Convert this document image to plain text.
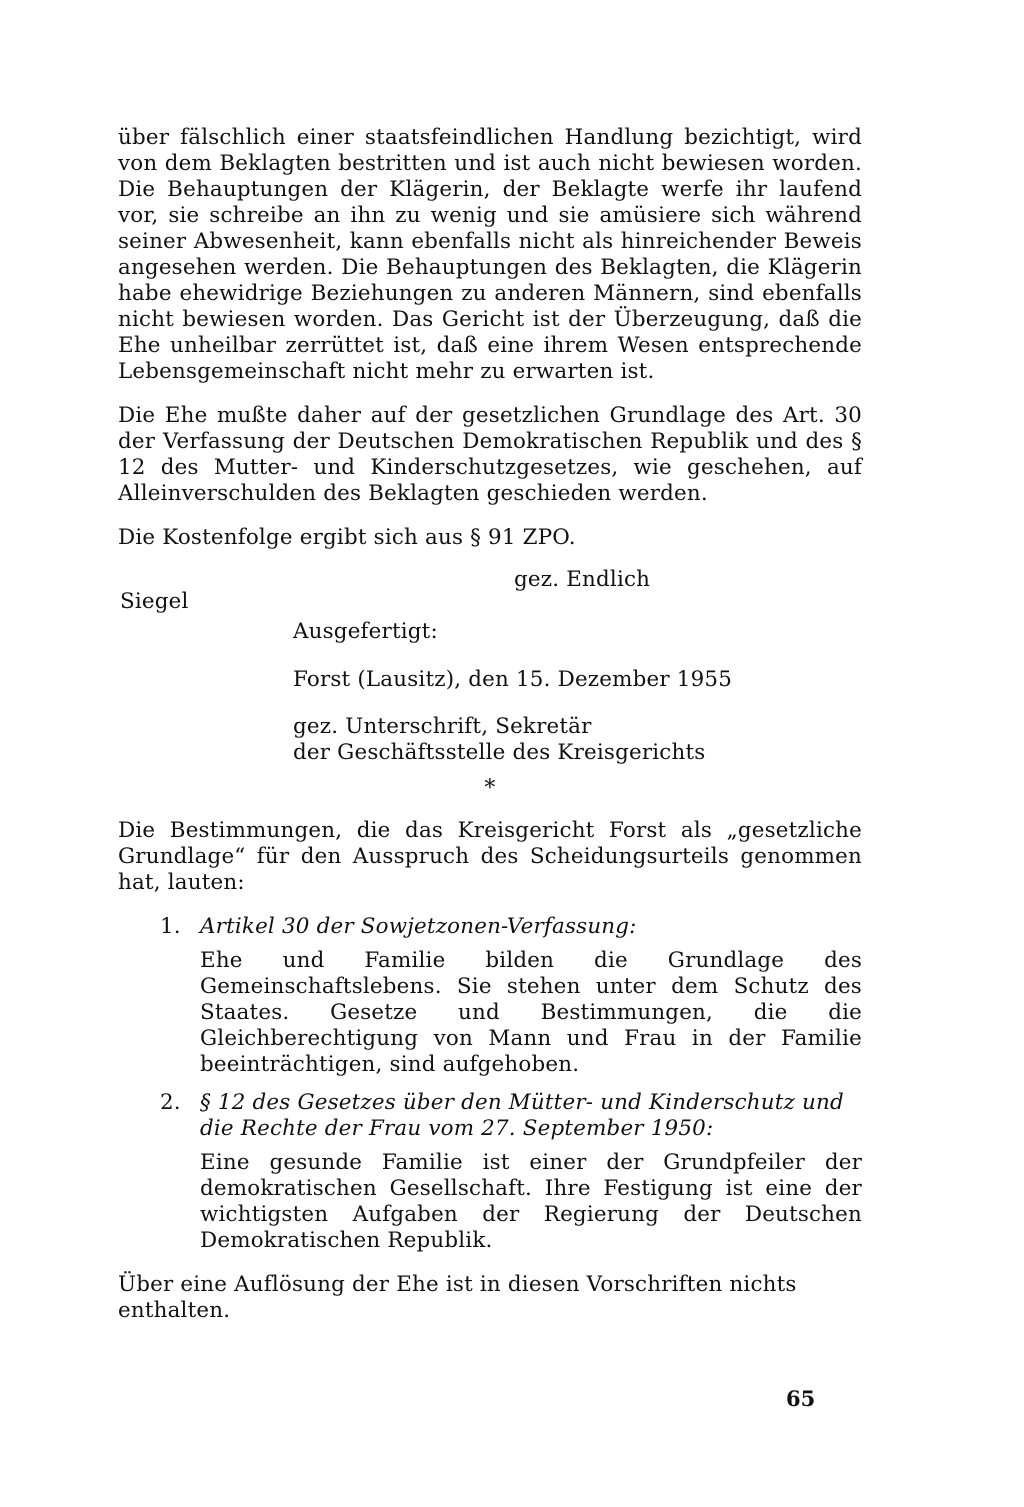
über fälschlich einer staatsfeindlichen Handlung bezichtigt, wird von dem Beklagten bestritten und ist auch nicht bewiesen worden. Die Behauptungen der Klägerin, der Beklagte werfe ihr laufend vor, sie schreibe an ihn zu wenig und sie amüsiere sich während seiner Abwesenheit, kann ebenfalls nicht als hinreichender Beweis angesehen werden. Die Behauptungen des Beklagten, die Klägerin habe ehewidrige Beziehungen zu anderen Männern, sind ebenfalls nicht bewiesen worden. Das Gericht ist der Überzeugung, daß die Ehe unheilbar zerrüttet ist, daß eine ihrem Wesen entsprechende Lebensgemeinschaft nicht mehr zu erwarten ist.

Die Ehe mußte daher auf der gesetzlichen Grundlage des Art. 30 der Verfassung der Deutschen Demokratischen Republik und des § 12 des Mutter- und Kinderschutzgesetzes, wie geschehen, auf Alleinverschulden des Beklagten geschieden werden.

Die Kostenfolge ergibt sich aus § 91 ZPO.

gez. Endlich
Siegel
Ausgefertigt:
Forst (Lausitz), den 15. Dezember 1955
gez. Unterschrift, Sekretär
der Geschäftsstelle des Kreisgerichts
*

Die Bestimmungen, die das Kreisgericht Forst als „gesetzliche Grundlage“ für den Ausspruch des Scheidungsurteils genommen hat, lauten:

1. Artikel 30 der Sowjetzonen-Verfassung:
Ehe und Familie bilden die Grundlage des Gemeinschaftslebens. Sie stehen unter dem Schutz des Staates. Gesetze und Bestimmungen, die die Gleichberechtigung von Mann und Frau in der Familie beeinträchtigen, sind aufgehoben.
2. § 12 des Gesetzes über den Mütter- und Kinderschutz und die Rechte der Frau vom 27. September 1950:
Eine gesunde Familie ist einer der Grundpfeiler der demokratischen Gesellschaft. Ihre Festigung ist eine der wichtigsten Aufgaben der Regierung der Deutschen Demokratischen Republik.

Über eine Auflösung der Ehe ist in diesen Vorschriften nichts enthalten.

65
